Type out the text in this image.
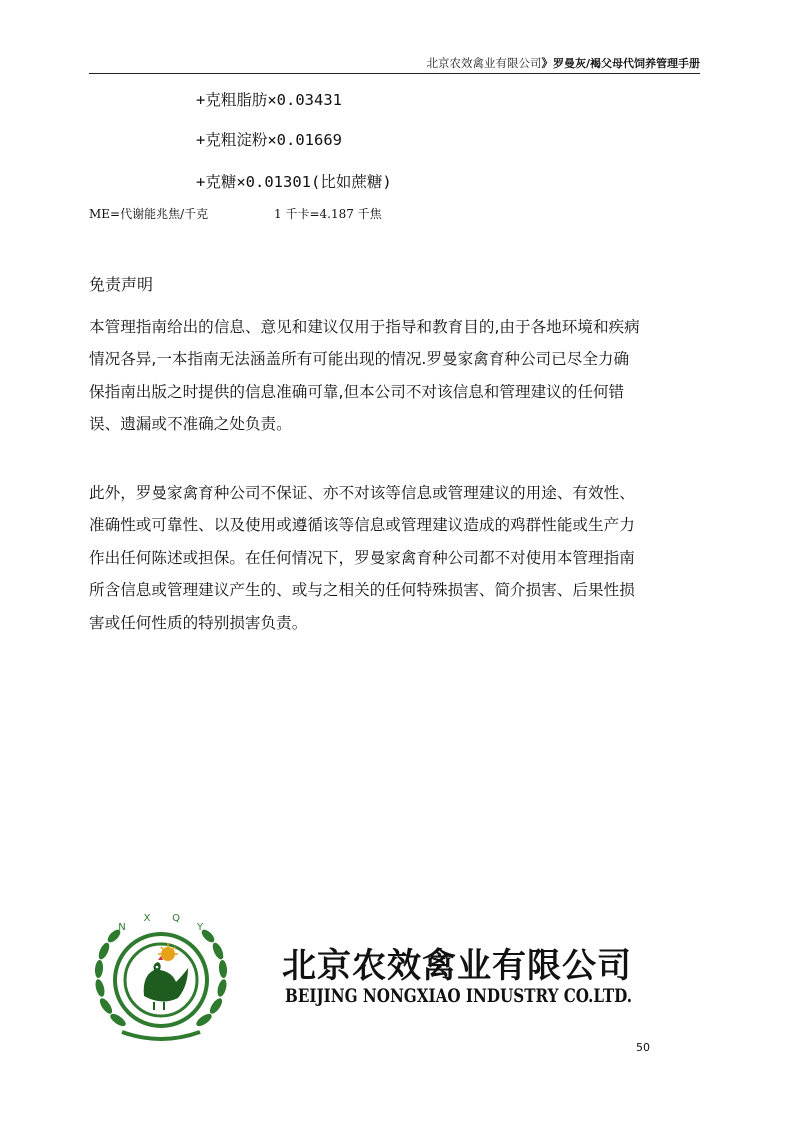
北京农效禽业有限公司》罗曼灰/褐父母代饲养管理手册
+克粗脂肪×0.03431
+克粗淀粉×0.01669
+克糖×0.01301(比如蔗糖)
ME=代谢能兆焦/千克	1 千卡=4.187 千焦
免责声明
本管理指南给出的信息、意见和建议仅用于指导和教育目的,由于各地环境和疾病
情况各异,一本指南无法涵盖所有可能出现的情况.罗曼家禽育种公司已尽全力确
保指南出版之时提供的信息准确可靠,但本公司不对该信息和管理建议的任何错
误、遗漏或不准确之处负责。
此外，罗曼家禽育种公司不保证、亦不对该等信息或管理建议的用途、有效性、
准确性或可靠性、以及使用或遵循该等信息或管理建议造成的鸡群性能或生产力
作出任何陈述或担保。在任何情况下，罗曼家禽育种公司都不对使用本管理指南
所含信息或管理建议产生的、或与之相关的任何特殊损害、简介损害、后果性损
害或任何性质的特别损害负责。
N
X Q
Y
北京农效禽业有限公司
BEIJING NONGXIAO INDUSTRY CO.LTD.
50
